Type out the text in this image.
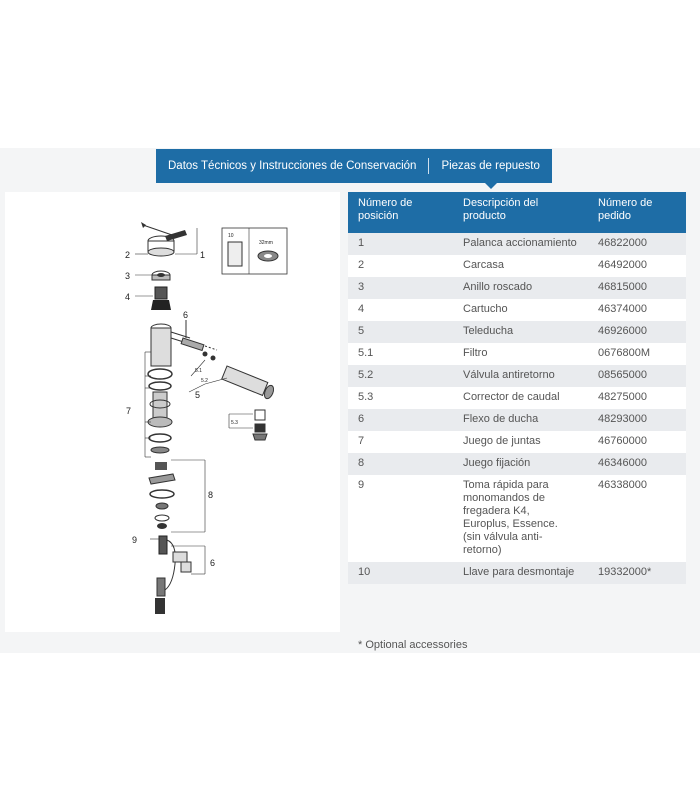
Datos Técnicos y Instrucciones de Conservación	Piezas de repuesto
1
2
3
4
5
5.1
5.2
5.3
6
7
8
9
6
10
32mm
Número de posición	Descripción del producto	Número de pedido
1	Palanca accionamiento	46822000
2	Carcasa	46492000
3	Anillo roscado	46815000
4	Cartucho	46374000
5	Teleducha	46926000
5.1	Filtro	0676800M
5.2	Válvula antiretorno	08565000
5.3	Corrector de caudal	48275000
6	Flexo de ducha	48293000
7	Juego de juntas	46760000
8	Juego fijación	46346000
9	Toma rápida para monomandos de fregadera K4, Europlus, Essence. (sin válvula anti-retorno)	46338000
10	Llave para desmontaje	19332000*
* Optional accessories
